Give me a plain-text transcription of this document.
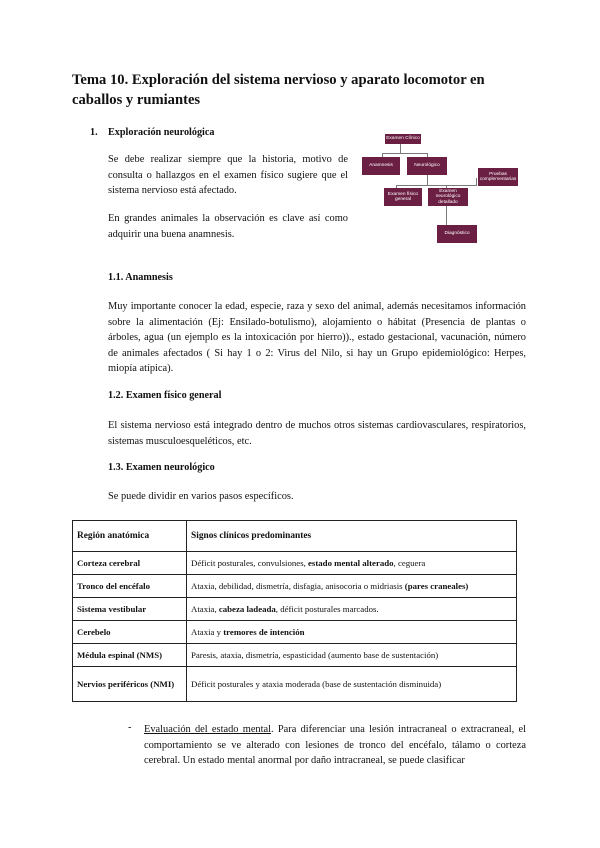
Tema 10. Exploración del sistema nervioso y aparato locomotor en caballos y rumiantes
1. Exploración neurológica

Se debe realizar siempre que la historia, motivo de consulta o hallazgos en el examen físico sugiere que el sistema nervioso está afectado.

En grandes animales la observación es clave así como adquirir una buena anamnesis.

Examen Clínico
Anamnesis	Neurológico
Pruebas complementarias
Examen físico general
Examen neurológico detallado
Diagnóstico
1.1. Anamnesis

Muy importante conocer la edad, especie, raza y sexo del animal, además necesitamos información sobre la alimentación (Ej: Ensilado-botulismo), alojamiento o hábitat (Presencia de plantas o árboles, agua (un ejemplo es la intoxicación por hierro))., estado gestacional, vacunación, número de animales afectados ( Si hay 1 o 2: Virus del Nilo, si hay un Grupo epidemiológico: Herpes, miopía atípica).

1.2. Examen físico general

El sistema nervioso está integrado dentro de muchos otros sistemas cardiovasculares, respiratorios, sistemas musculoesqueléticos, etc.

1.3. Examen neurológico

Se puede dividir en varios pasos específicos.

Región anatómica	Signos clínicos predominantes
Corteza cerebral	Déficit posturales, convulsiones, estado mental alterado, ceguera
Tronco del encéfalo	Ataxia, debilidad, dismetría, disfagia, anisocoria o midriasis (pares craneales)
Sistema vestibular	Ataxia, cabeza ladeada, déficit posturales marcados.
Cerebelo	Ataxia y tremores de intención
Médula espinal (NMS)	Paresis, ataxia, dismetría, espasticidad (aumento base de sustentación)
Nervios periféricos (NMI)	Déficit posturales y ataxia moderada (base de sustentación disminuida)
- Evaluación del estado mental. Para diferenciar una lesión intracraneal o extracraneal, el comportamiento se ve alterado con lesiones de tronco del encéfalo, tálamo o corteza cerebral. Un estado mental anormal por daño intracraneal, se puede clasificar
